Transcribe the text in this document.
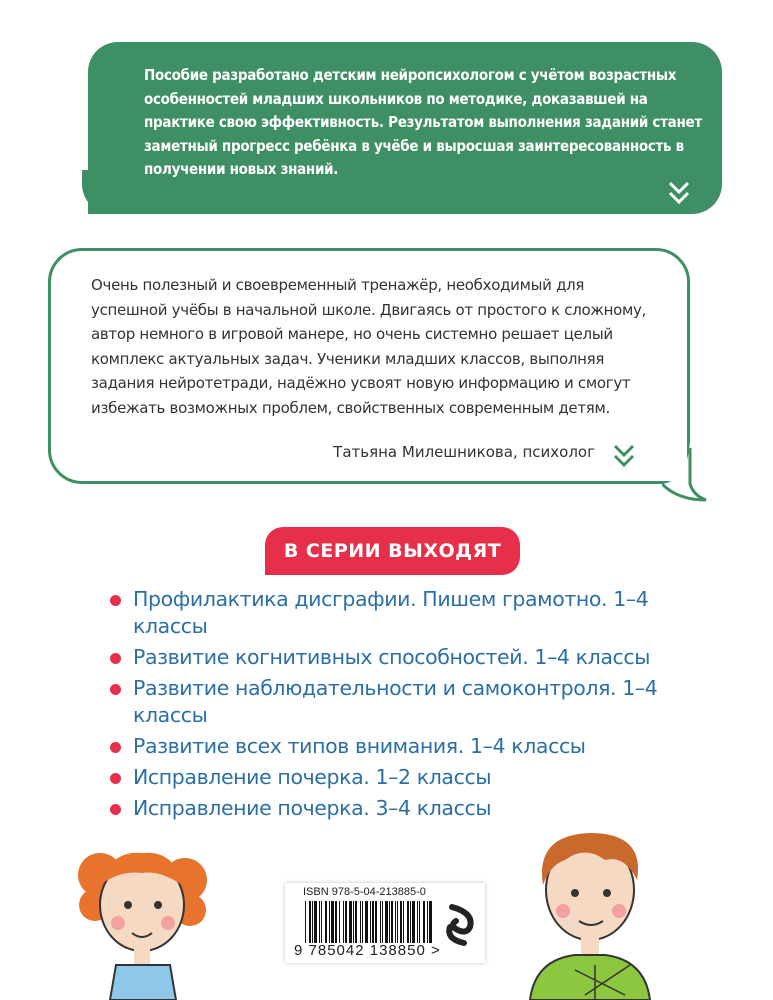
Пособие разработано детским нейропсихологом с учётом возрастных особенностей младших школьников по методике, доказавшей на практике свою эффективность. Результатом выполнения заданий станет заметный прогресс ребёнка в учёбе и выросшая заинтересованность в получении новых знаний.

Очень полезный и своевременный тренажёр, необходимый для успешной учёбы в начальной школе. Двигаясь от простого к сложному, автор немного в игровой манере, но очень системно решает целый комплекс актуальных задач. Ученики младших классов, выполняя задания нейротетради, надёжно усвоят новую информацию и смогут избежать возможных проблем, свойственных современным детям.

Татьяна Милешникова, психолог
В СЕРИИ ВЫХОДЯТ
Профилактика дисграфии. Пишем грамотно. 1–4 классы
Развитие когнитивных способностей. 1–4 классы
Развитие наблюдательности и самоконтроля. 1–4 классы
Развитие всех типов внимания. 1–4 классы
Исправление почерка. 1–2 классы
Исправление почерка. 3–4 классы
ISBN 978-5-04-213885-0
9 785042 138850 >
